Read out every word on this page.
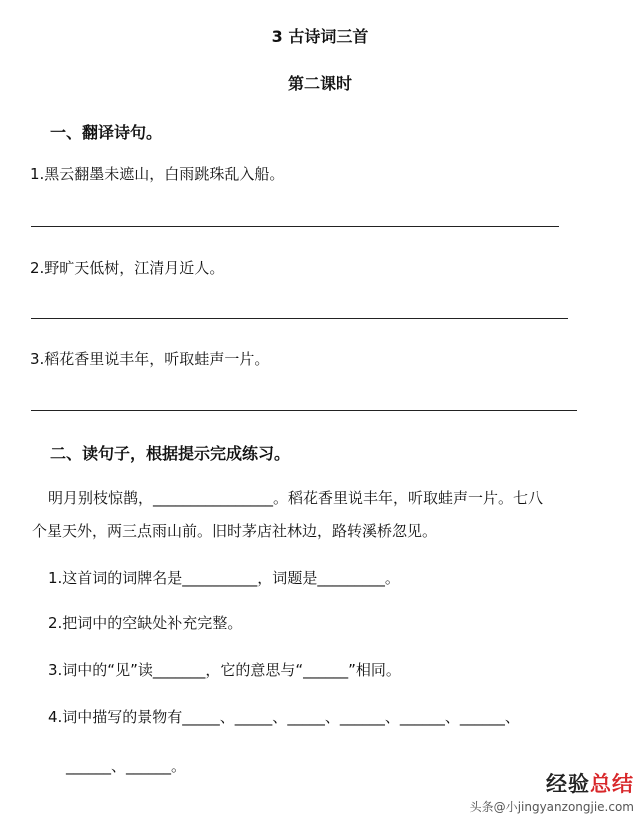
3 古诗词三首
第二课时
一、翻译诗句。
1.黑云翻墨未遮山，白雨跳珠乱入船。
2.野旷天低树，江清月近人。
3.稻花香里说丰年，听取蛙声一片。
二、读句子，根据提示完成练习。
明月别枝惊鹊，________________。稻花香里说丰年，听取蛙声一片。七八
个星天外，两三点雨山前。旧时茅店社林边，路转溪桥忽见。
1.这首词的词牌名是__________，词题是_________。
2.把词中的空缺处补充完整。
3.词中的“见”读_______，它的意思与“______”相同。
4.词中描写的景物有_____、_____、_____、______、______、______、
______、______。
经验总结
头条@小jingyanzongjie.com
